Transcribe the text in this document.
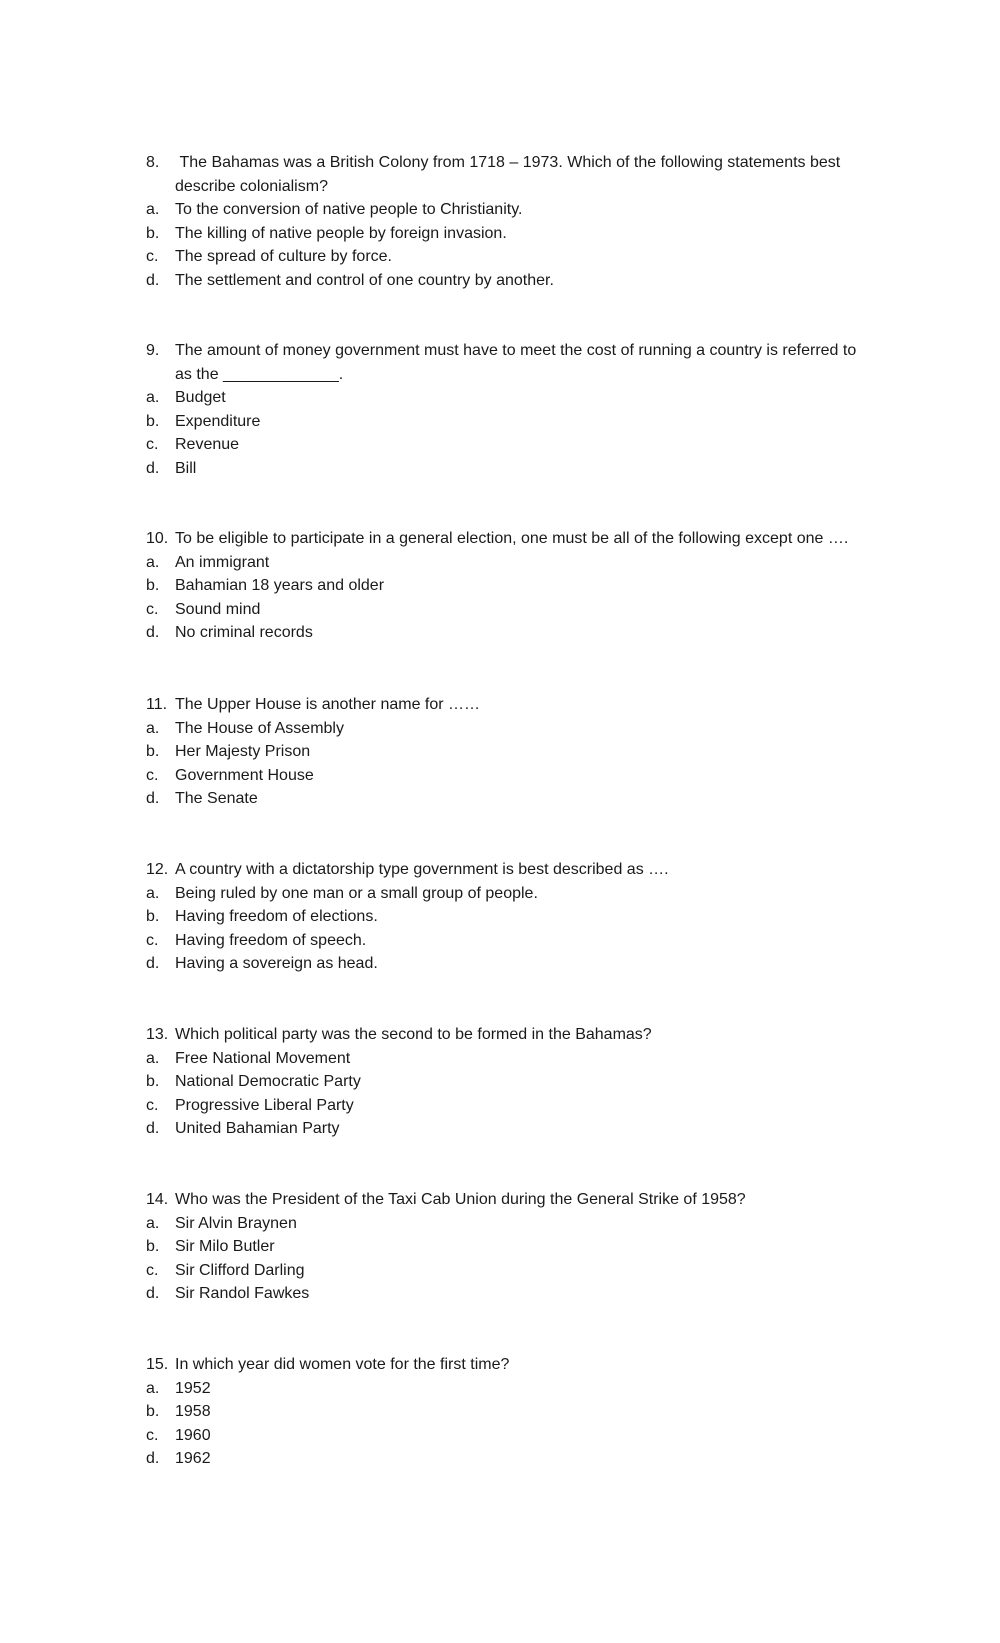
8. The Bahamas was a British Colony from 1718 – 1973. Which of the following statements best describe colonialism?
a. To the conversion of native people to Christianity.
b. The killing of native people by foreign invasion.
c.	The spread of culture by force.
d. The settlement and control of one country by another.
9. The amount of money government must have to meet the cost of running a country is referred to as the _____________.
a. Budget
b. Expenditure
c.	Revenue
d. Bill
10. To be eligible to participate in a general election, one must be all of the following except one ….
a. An immigrant
b. Bahamian 18 years and older
c.	Sound mind
d. No criminal records
11. The Upper House is another name for ……
a. The House of Assembly
b. Her Majesty Prison
c.	Government House
d. The Senate
12. A country with a dictatorship type government is best described as ….
a. Being ruled by one man or a small group of people.
b. Having freedom of elections.
c.	Having freedom of speech.
d. Having a sovereign as head.
13. Which political party was the second to be formed in the Bahamas?
a. Free National Movement
b. National Democratic Party
c.	Progressive Liberal Party
d. United Bahamian Party
14. Who was the President of the Taxi Cab Union during the General Strike of 1958?
a. Sir Alvin Braynen
b. Sir Milo Butler
c.	Sir Clifford Darling
d. Sir Randol Fawkes
15. In which year did women vote for the first time?
a. 1952
b. 1958
c.	1960
d. 1962
